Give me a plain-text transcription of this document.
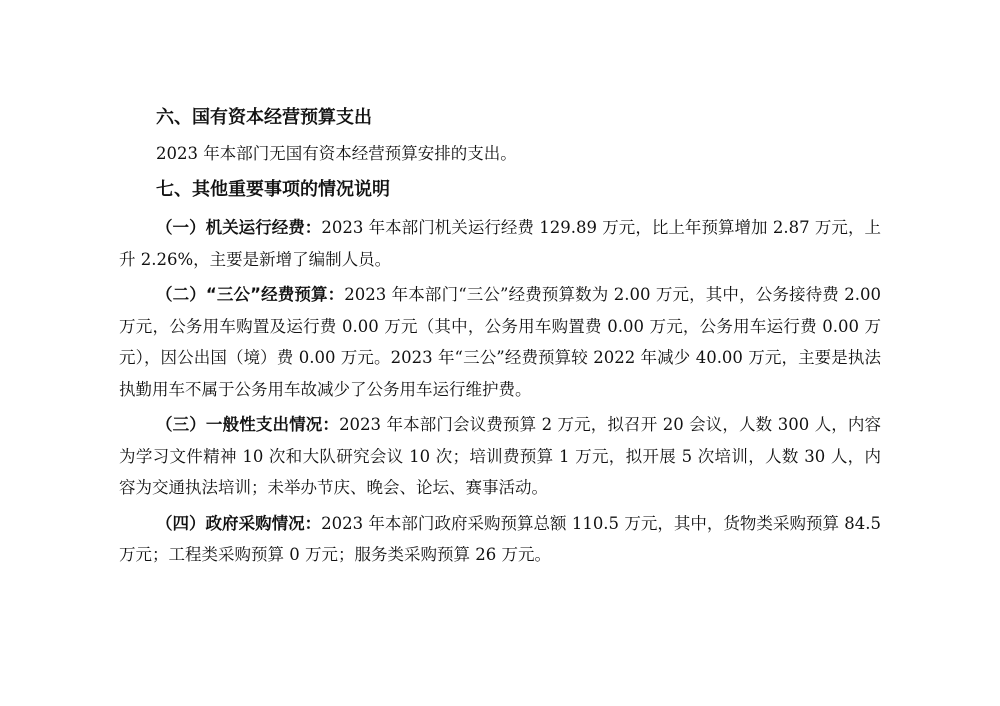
六、国有资本经营预算支出

2023 年本部门无国有资本经营预算安排的支出。

七、其他重要事项的情况说明

（一）机关运行经费：2023 年本部门机关运行经费 129.89 万元，比上年预算增加 2.87 万元，上升 2.26%，主要是新增了编制人员。

（二）“三公”经费预算：2023 年本部门“三公”经费预算数为 2.00 万元，其中，公务接待费 2.00 万元，公务用车购置及运行费 0.00 万元（其中，公务用车购置费 0.00 万元，公务用车运行费 0.00 万元），因公出国（境）费 0.00 万元。2023 年“三公”经费预算较 2022 年减少 40.00 万元，主要是执法执勤用车不属于公务用车故减少了公务用车运行维护费。

（三）一般性支出情况：2023 年本部门会议费预算 2 万元，拟召开 20 会议，人数 300 人，内容为学习文件精神 10 次和大队研究会议 10 次；培训费预算 1 万元，拟开展 5 次培训，人数 30 人，内容为交通执法培训；未举办节庆、晚会、论坛、赛事活动。

（四）政府采购情况：2023 年本部门政府采购预算总额 110.5 万元，其中，货物类采购预算 84.5 万元；工程类采购预算 0 万元；服务类采购预算 26 万元。
